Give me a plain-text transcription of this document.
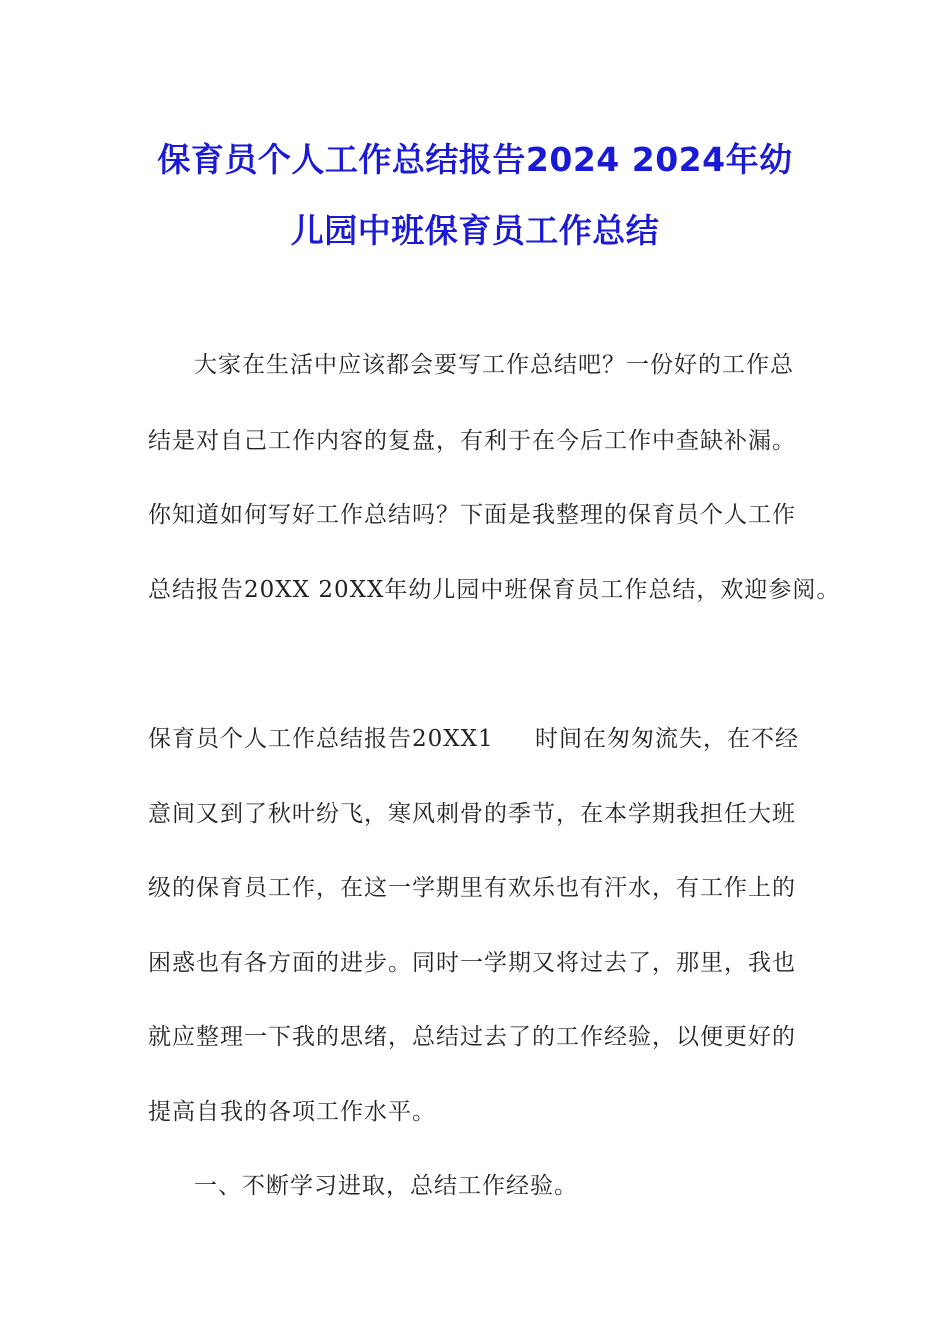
保育员个人工作总结报告2024 2024年幼
儿园中班保育员工作总结
大家在生活中应该都会要写工作总结吧？一份好的工作总
结是对自己工作内容的复盘，有利于在今后工作中查缺补漏。
你知道如何写好工作总结吗？下面是我整理的保育员个人工作
总结报告20XX 20XX年幼儿园中班保育员工作总结，欢迎参阅。
保育员个人工作总结报告20XX1 时间在匆匆流失，在不经
意间又到了秋叶纷飞，寒风刺骨的季节，在本学期我担任大班
级的保育员工作，在这一学期里有欢乐也有汗水，有工作上的
困惑也有各方面的进步。同时一学期又将过去了，那里，我也
就应整理一下我的思绪，总结过去了的工作经验，以便更好的
提高自我的各项工作水平。
一、不断学习进取，总结工作经验。
